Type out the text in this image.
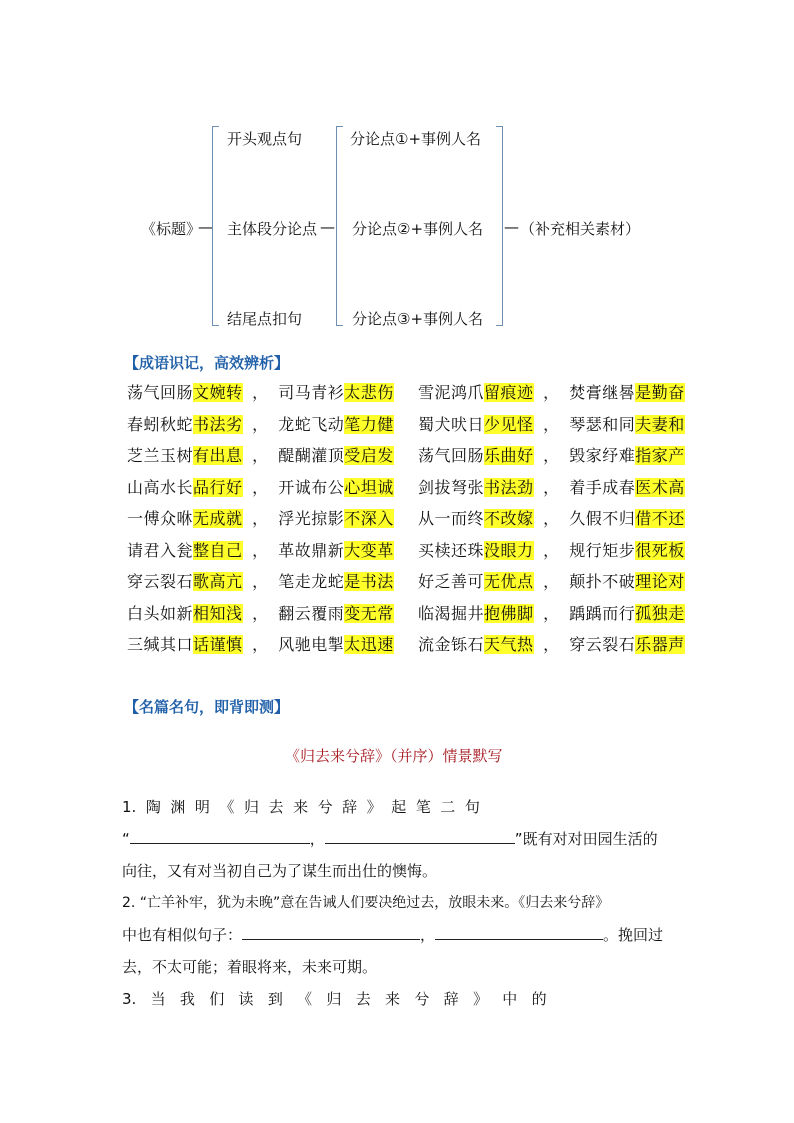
《标题》
—
开头观点句
主体段分论点
结尾点扣句
—
分论点①+事例人名
分论点②+事例人名
分论点③+事例人名
— （补充相关素材）
【成语识记，高效辨析】
荡气回肠文婉转 ， 司马青衫太悲伤 雪泥鸿爪留痕迹 ， 焚膏继晷是勤奋
春蚓秋蛇书法劣 ， 龙蛇飞动笔力健 蜀犬吠日少见怪 ， 琴瑟和同夫妻和
芝兰玉树有出息 ， 醍醐灌顶受启发 荡气回肠乐曲好 ， 毁家纾难指家产
山高水长品行好 ， 开诚布公心坦诚 剑拔弩张书法劲 ， 着手成春医术高
一傅众咻无成就 ， 浮光掠影不深入 从一而终不改嫁 ， 久假不归借不还
请君入瓮整自己 ， 革故鼎新大变革 买椟还珠没眼力 ， 规行矩步很死板
穿云裂石歌高亢 ， 笔走龙蛇是书法 好乏善可无优点 ， 颠扑不破理论对
白头如新相知浅 ， 翻云覆雨变无常 临渴掘井抱佛脚 ， 踽踽而行孤独走
三缄其口话谨慎 ， 风驰电掣太迅速 流金铄石天气热 ， 穿云裂石乐器声
【名篇名句，即背即测】
《归去来兮辞》（并序）情景默写
1.  陶  渊  明  《  归  去  来  兮  辞  》  起  笔  二  句
“	，	”既有对对田园生活的
向往，又有对当初自己为了谋生而出仕的懊悔。
2. “亡羊补牢，犹为未晚”意在告诫人们要决绝过去，放眼未来。《归去来兮辞》
中也有相似句子：	，	。挽回过
去，不太可能；着眼将来，未来可期。
3.   当   我   们   读   到   《   归   去   来   兮   辞   》   中   的
